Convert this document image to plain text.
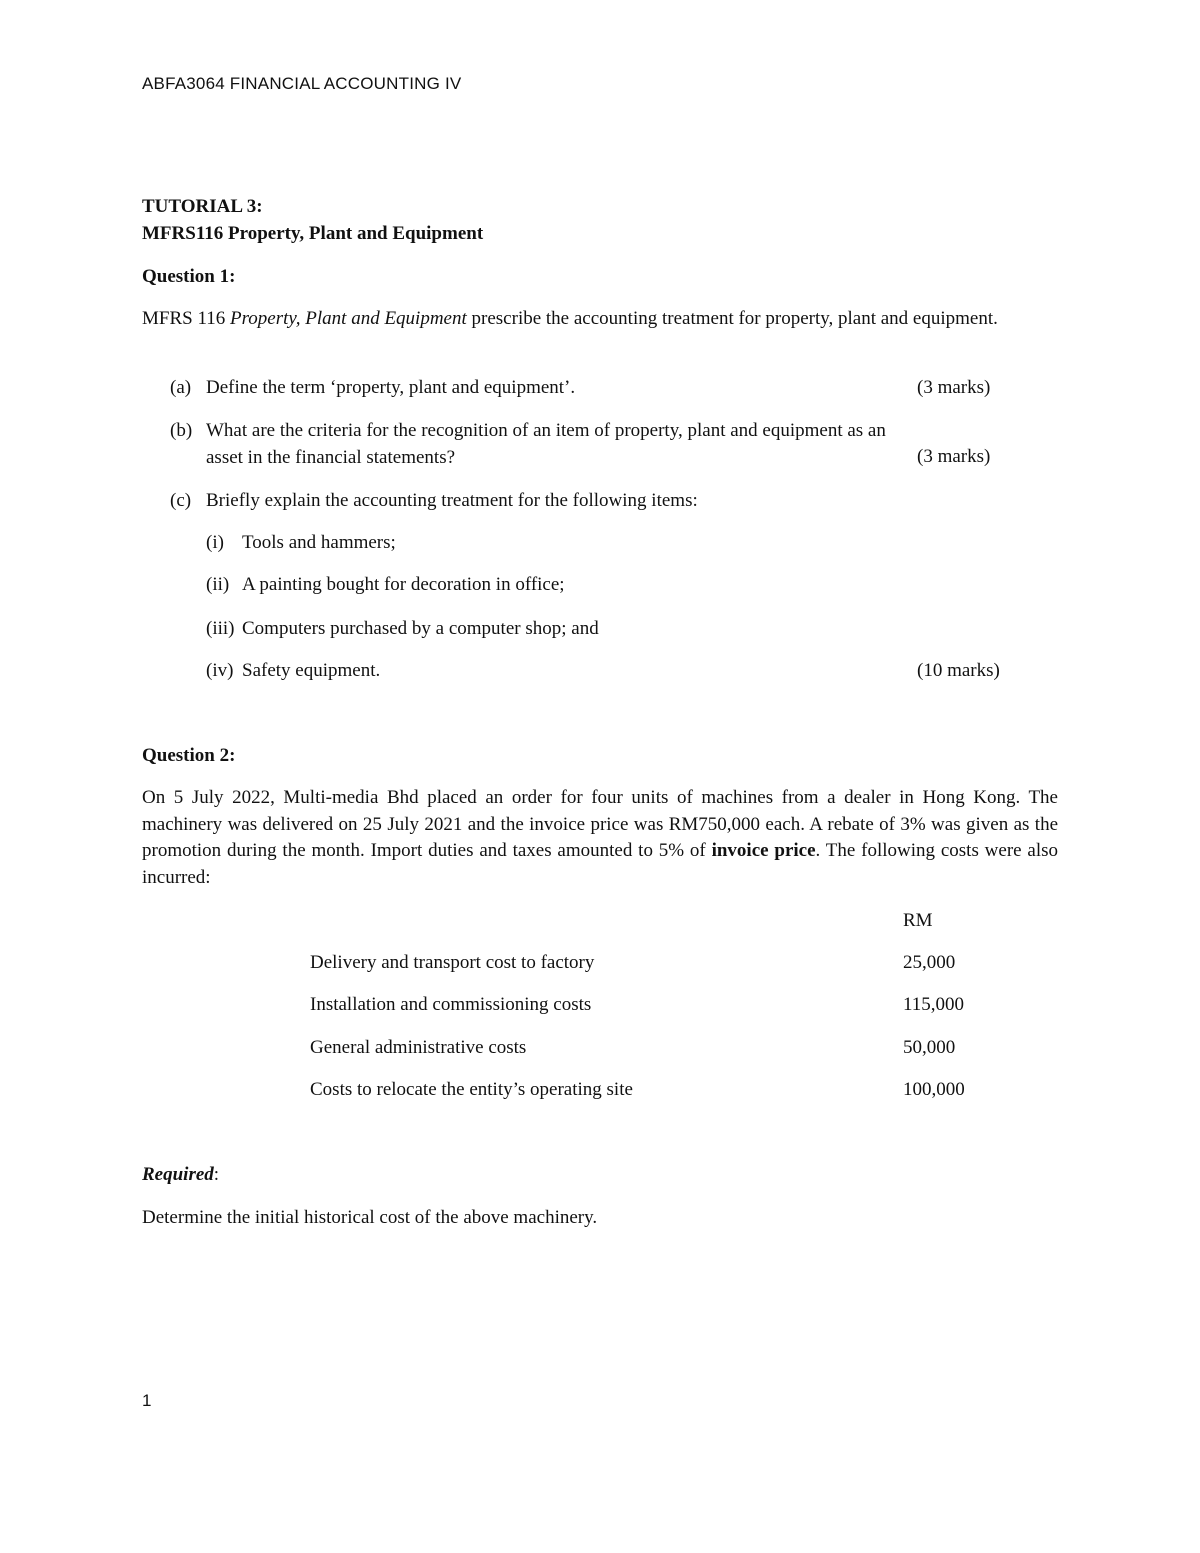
ABFA3064 FINANCIAL ACCOUNTING IV
TUTORIAL 3:
MFRS116 Property, Plant and Equipment
Question 1:

MFRS 116 Property, Plant and Equipment prescribe the accounting treatment for property, plant and equipment.

(a) Define the term ‘property, plant and equipment’.	(3 marks)
(b) What are the criteria for the recognition of an item of property, plant and equipment as an asset in the financial statements?	(3 marks)
(c) Briefly explain the accounting treatment for the following items:
(i) Tools and hammers;
(ii) A painting bought for decoration in office;
(iii) Computers purchased by a computer shop; and
(iv) Safety equipment.	(10 marks)
Question 2:

On 5 July 2022, Multi-media Bhd placed an order for four units of machines from a dealer in Hong Kong. The machinery was delivered on 25 July 2021 and the invoice price was RM750,000 each. A rebate of 3% was given as the promotion during the month. Import duties and taxes amounted to 5% of invoice price. The following costs were also incurred:

RM
Delivery and transport cost to factory	25,000
Installation and commissioning costs	115,000
General administrative costs	50,000
Costs to relocate the entity’s operating site	100,000
Required:
Determine the initial historical cost of the above machinery.
1
